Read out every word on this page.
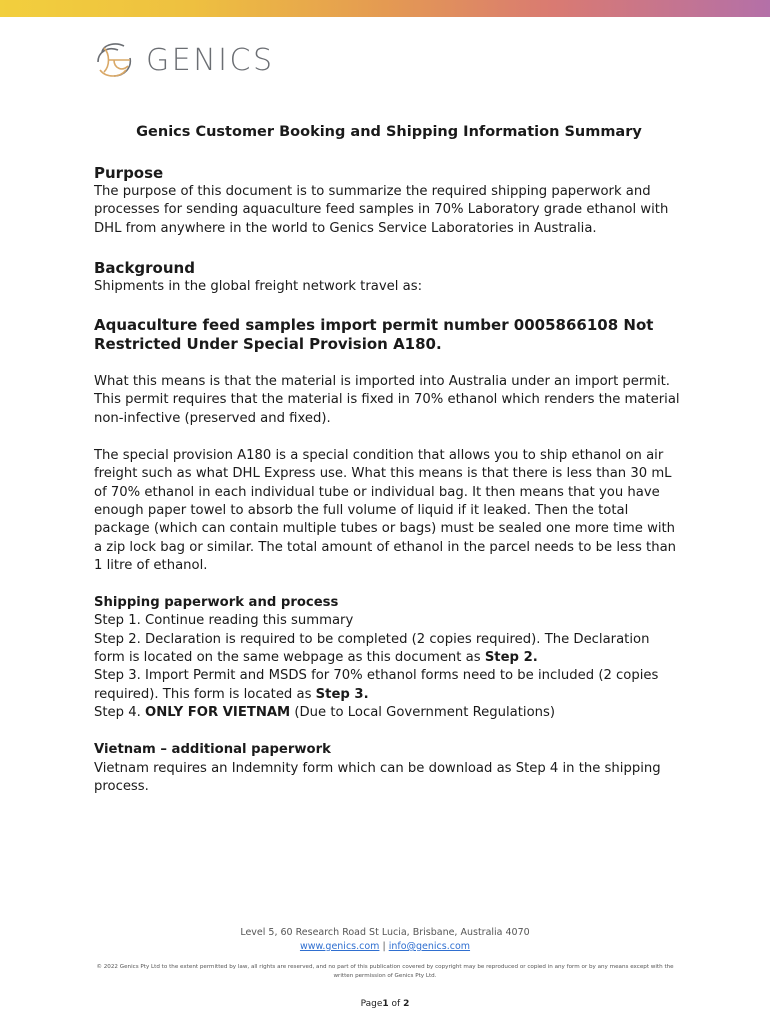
GENICS
Genics Customer Booking and Shipping Information Summary
Purpose

The purpose of this document is to summarize the required shipping paperwork and processes for sending aquaculture feed samples in 70% Laboratory grade ethanol with DHL from anywhere in the world to Genics Service Laboratories in Australia.

Background

Shipments in the global freight network travel as:

Aquaculture feed samples import permit number 0005866108 Not Restricted Under Special Provision A180.

What this means is that the material is imported into Australia under an import permit. This permit requires that the material is fixed in 70% ethanol which renders the material non-infective (preserved and fixed).

The special provision A180 is a special condition that allows you to ship ethanol on air freight such as what DHL Express use. What this means is that there is less than 30 mL of 70% ethanol in each individual tube or individual bag. It then means that you have enough paper towel to absorb the full volume of liquid if it leaked. Then the total package (which can contain multiple tubes or bags) must be sealed one more time with a zip lock bag or similar. The total amount of ethanol in the parcel needs to be less than 1 litre of ethanol.

Shipping paperwork and process

Step 1. Continue reading this summary

Step 2. Declaration is required to be completed (2 copies required). The Declaration form is located on the same webpage as this document as Step 2.

Step 3. Import Permit and MSDS for 70% ethanol forms need to be included (2 copies required). This form is located as Step 3.

Step 4. ONLY FOR VIETNAM (Due to Local Government Regulations)

Vietnam – additional paperwork

Vietnam requires an Indemnity form which can be download as Step 4 in the shipping process.

Level 5, 60 Research Road St Lucia, Brisbane, Australia 4070
www.genics.com | info@genics.com
© 2022 Genics Pty Ltd to the extent permitted by law, all rights are reserved, and no part of this publication covered by copyright may be reproduced or copied in any form or by any means except with the written permission of Genics Pty Ltd.
Page1 of 2
